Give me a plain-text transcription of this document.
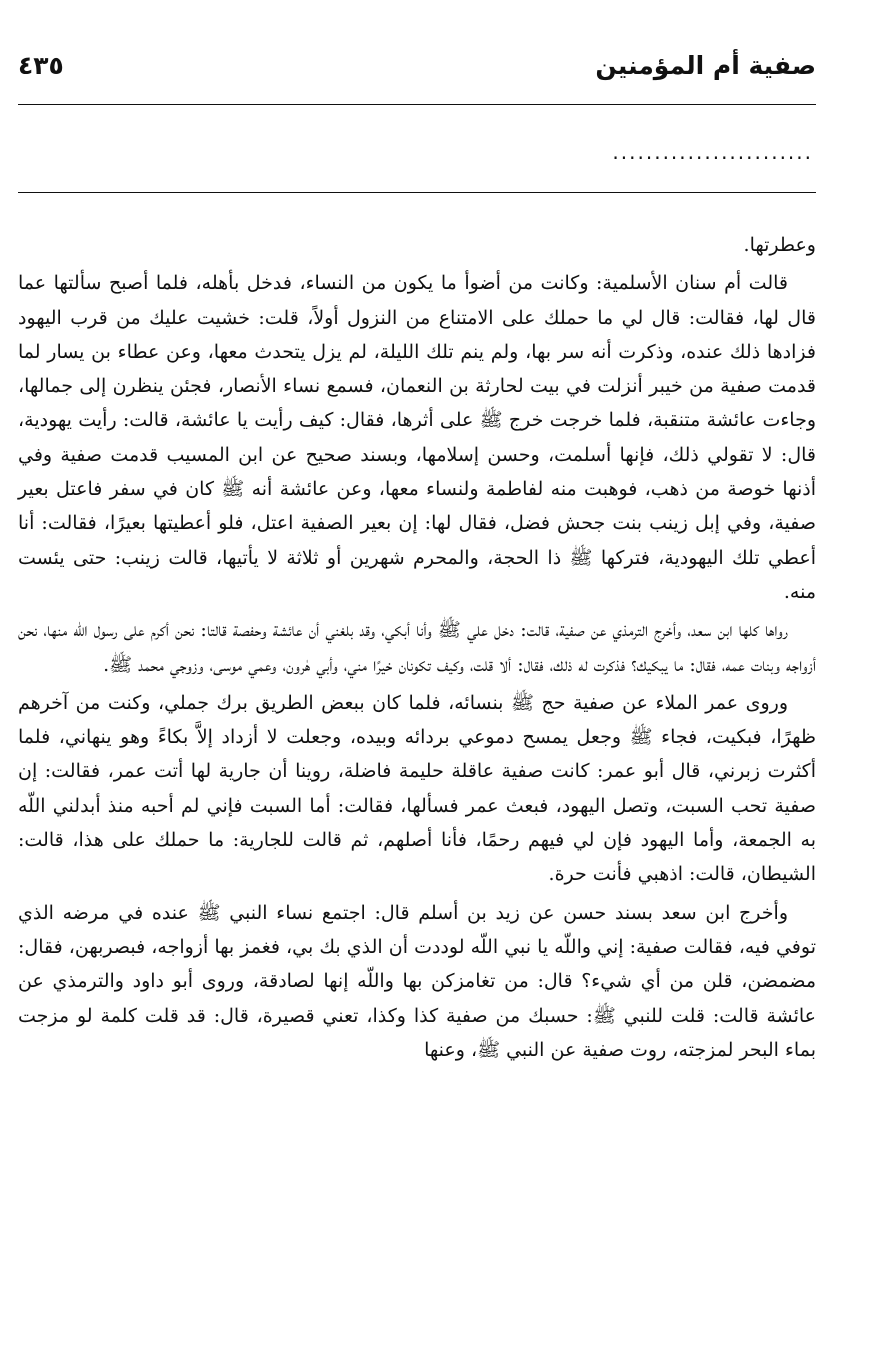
٤٣٥	صفية أم المؤمنين
........................

وعطرتها.

قالت أم سنان الأسلمية: وكانت من أضوأ ما يكون من النساء، فدخل بأهله، فلما أصبح سألتها عما قال لها، فقالت: قال لي ما حملك على الامتناع من النزول أولاً، قلت: خشيت عليك من قرب اليهود فزادها ذلك عنده، وذكرت أنه سر بها، ولم ينم تلك الليلة، لم يزل يتحدث معها، وعن عطاء بن يسار لما قدمت صفية من خيبر أنزلت في بيت لحارثة بن النعمان، فسمع نساء الأنصار، فجئن ينظرن إلى جمالها، وجاءت عائشة متنقبة، فلما خرجت خرج ﷺ على أثرها، فقال: كيف رأيت يا عائشة، قالت: رأيت يهودية، قال: لا تقولي ذلك، فإنها أسلمت، وحسن إسلامها، وبسند صحيح عن ابن المسيب قدمت صفية وفي أذنها خوصة من ذهب، فوهبت منه لفاطمة ولنساء معها، وعن عائشة أنه ﷺ كان في سفر فاعتل بعير صفية، وفي إبل زينب بنت جحش فضل، فقال لها: إن بعير الصفية اعتل، فلو أعطيتها بعيرًا، فقالت: أنا أعطي تلك اليهودية، فتركها ﷺ ذا الحجة، والمحرم شهرين أو ثلاثة لا يأتيها، قالت زينب: حتى يئست منه.

رواها كلها ابن سعد، وأخرج الترمذي عن صفية، قالت: دخل علي ﷺ وأنا أبكي، وقد بلغني أن عائشة وحفصة قالتا: نحن أكرم على رسول اللّه منها، نحن أزواجه وبنات عمه، فقال: ما يبكيك؟ فذكرت له ذلك، فقال: ألا قلت، وكيف تكونان خيرًا مني، وأبي هٰرون، وعمي موسى، وزوجي محمد ﷺ.

وروى عمر الملاء عن صفية حج ﷺ بنسائه، فلما كان ببعض الطريق برك جملي، وكنت من آخرهم ظهرًا، فبكيت، فجاء ﷺ وجعل يمسح دموعي بردائه وبيده، وجعلت لا أزداد إلاَّ بكاءً وهو ينهاني، فلما أكثرت زبرني، قال أبو عمر: كانت صفية عاقلة حليمة فاضلة، روينا أن جارية لها أتت عمر، فقالت: إن صفية تحب السبت، وتصل اليهود، فبعث عمر فسألها، فقالت: أما السبت فإني لم أحبه منذ أبدلني اللّه به الجمعة، وأما اليهود فإن لي فيهم رحمًا، فأنا أصلهم، ثم قالت للجارية: ما حملك على هذا، قالت: الشيطان، قالت: اذهبي فأنت حرة.

وأخرج ابن سعد بسند حسن عن زيد بن أسلم قال: اجتمع نساء النبي ﷺ عنده في مرضه الذي توفي فيه، فقالت صفية: إني واللّه يا نبي اللّه لوددت أن الذي بك بي، فغمز بها أزواجه، فبصربهن، فقال: مضمضن، قلن من أي شيء؟ قال: من تغامزكن بها واللّه إنها لصادقة، وروى أبو داود والترمذي عن عائشة قالت: قلت للنبي ﷺ: حسبك من صفية كذا وكذا، تعني قصيرة، قال: قد قلت كلمة لو مزجت بماء البحر لمزجته، روت صفية عن النبي ﷺ، وعنها
